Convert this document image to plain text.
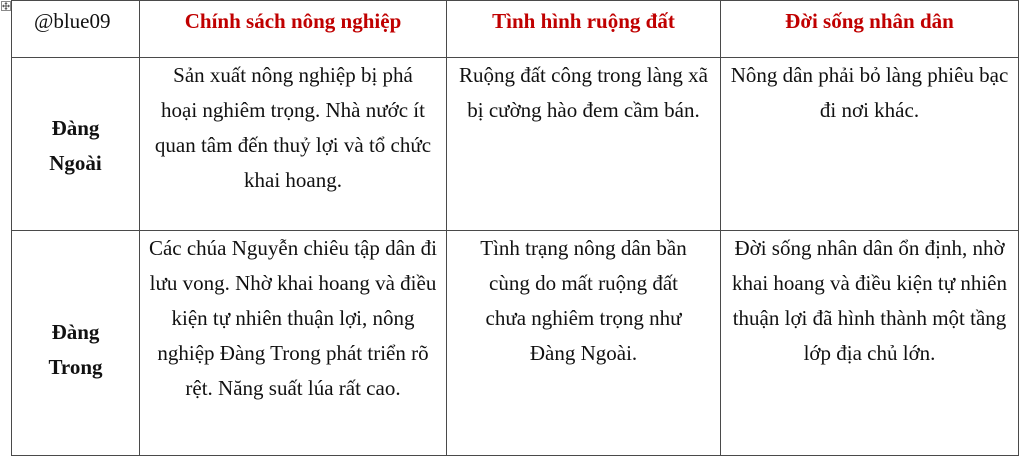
@blue09	Chính sách nông nghiệp	Tình hình ruộng đất	Đời sống nhân dân

Đàng Ngoài	Sản xuất nông nghiệp bị phá hoại nghiêm trọng. Nhà nước ít quan tâm đến thuỷ lợi và tổ chức khai hoang.	Ruộng đất công trong làng xã bị cường hào đem cầm bán.	Nông dân phải bỏ làng phiêu bạc đi nơi khác.

Đàng Trong	Các chúa Nguyễn chiêu tập dân đi lưu vong. Nhờ khai hoang và điều kiện tự nhiên thuận lợi, nông nghiệp Đàng Trong phát triển rõ rệt. Năng suất lúa rất cao.	Tình trạng nông dân bần cùng do mất ruộng đất chưa nghiêm trọng như Đàng Ngoài.	Đời sống nhân dân ổn định, nhờ khai hoang và điều kiện tự nhiên thuận lợi đã hình thành một tầng lớp địa chủ lớn.
